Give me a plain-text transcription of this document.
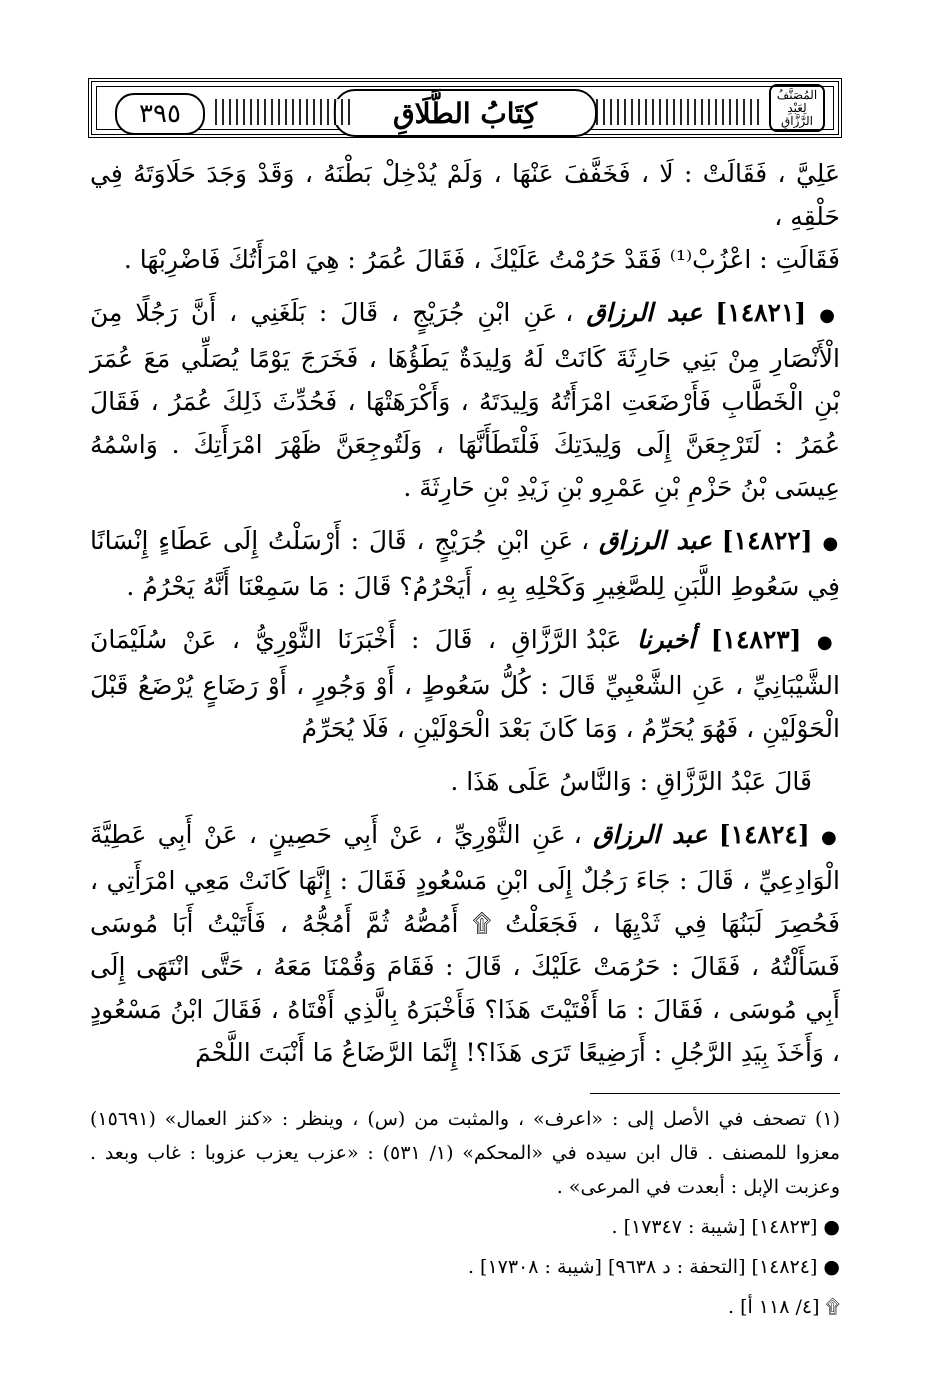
المُصَنَّفُ لِعَبْدِ الرَّزَّاقِ
كِتَابُ الطَّلَاقِ
٣٩٥

عَلِيَّ ، فَقَالَتْ : لَا ، فَخَفَّفَ عَنْهَا ، وَلَمْ يُدْخِلْ بَطْنَهُ ، وَقَدْ وَجَدَ حَلَاوَتَهُ فِي حَلْقِهِ ،
فَقَالَتِ : اعْزُبْ⁽¹⁾ فَقَدْ حَرُمْتُ عَلَيْكَ ، فَقَالَ عُمَرُ : هِيَ امْرَأَتُكَ فَاضْرِبْهَا .

● [١٤٨٢١] عبد الرزاق ، عَنِ ابْنِ جُرَيْجٍ ، قَالَ : بَلَغَنِي ، أَنَّ رَجُلًا مِنَ الْأَنْصَارِ مِنْ بَنِي حَارِثَةَ كَانَتْ لَهُ وَلِيدَةٌ يَطَؤُهَا ، فَخَرَجَ يَوْمًا يُصَلِّي مَعَ عُمَرَ بْنِ الْخَطَّابِ فَأَرْضَعَتِ امْرَأَتُهُ وَلِيدَتَهُ ، وَأَكْرَهَتْهَا ، فَحُدِّثَ ذَلِكَ عُمَرُ ، فَقَالَ عُمَرُ : لَتَرْجِعَنَّ إِلَى وَلِيدَتِكَ فَلْتَطَأَنَّهَا ، وَلَتُوجِعَنَّ ظَهْرَ امْرَأَتِكَ . وَاسْمُهُ عِيسَى بْنُ حَزْمِ بْنِ عَمْرِو بْنِ زَيْدِ بْنِ حَارِثَةَ .

● [١٤٨٢٢] عبد الرزاق ، عَنِ ابْنِ جُرَيْجٍ ، قَالَ : أَرْسَلْتُ إِلَى عَطَاءٍ إِنْسَانًا فِي سَعُوطِ اللَّبَنِ لِلصَّغِيرِ وَكَحْلِهِ بِهِ ، أَيَحْرُمُ؟ قَالَ : مَا سَمِعْنَا أَنَّهُ يَحْرُمُ .

● [١٤٨٢٣] أخبرنا عَبْدُ الرَّزَّاقِ ، قَالَ : أَخْبَرَنَا الثَّوْرِيُّ ، عَنْ سُلَيْمَانَ الشَّيْبَانِيِّ ، عَنِ الشَّعْبِيِّ قَالَ : كُلُّ سَعُوطٍ ، أَوْ وَجُورٍ ، أَوْ رَضَاعٍ يُرْضَعُ قَبْلَ الْحَوْلَيْنِ ، فَهُوَ يُحَرِّمُ ، وَمَا كَانَ بَعْدَ الْحَوْلَيْنِ ، فَلَا يُحَرِّمُ

قَالَ عَبْدُ الرَّزَّاقِ : وَالنَّاسُ عَلَى هَذَا .

● [١٤٨٢٤] عبد الرزاق ، عَنِ الثَّوْرِيِّ ، عَنْ أَبِي حَصِينٍ ، عَنْ أَبِي عَطِيَّةَ الْوَادِعِيِّ ، قَالَ : جَاءَ رَجُلٌ إِلَى ابْنِ مَسْعُودٍ فَقَالَ : إِنَّهَا كَانَتْ مَعِي امْرَأَتِي ، فَحُصِرَ لَبَنُهَا فِي ثَدْيِهَا ، فَجَعَلْتُ ۩ أَمُصُّهُ ثُمَّ أَمُجُّهُ ، فَأَتَيْتُ أَبَا مُوسَى فَسَأَلْتُهُ ، فَقَالَ : حَرُمَتْ عَلَيْكَ ، قَالَ : فَقَامَ وَقُمْنَا مَعَهُ ، حَتَّى انْتَهَى إِلَى أَبِي مُوسَى ، فَقَالَ : مَا أَفْتَيْتَ هَذَا؟ فَأَخْبَرَهُ بِالَّذِي أَفْتَاهُ ، فَقَالَ ابْنُ مَسْعُودٍ ، وَأَخَذَ بِيَدِ الرَّجُلِ : أَرَضِيعًا تَرَى هَذَا؟! إِنَّمَا الرَّضَاعُ مَا أَنْبَتَ اللَّحْمَ

(١) تصحف في الأصل إلى : «اعرف» ، والمثبت من (س) ، وينظر : «كنز العمال» (١٥٦٩١) معزوا للمصنف . قال ابن سيده في «المحكم» (١/ ٥٣١) : «عزب يعزب عزوبا : غاب وبعد . وعزبت الإبل : أبعدت في المرعى» .

● [١٤٨٢٣] [شيبة : ١٧٣٤٧] .

● [١٤٨٢٤] [التحفة : د ٩٦٣٨] [شيبة : ١٧٣٠٨] .

۩ [٤/ ١١٨ أ] .
